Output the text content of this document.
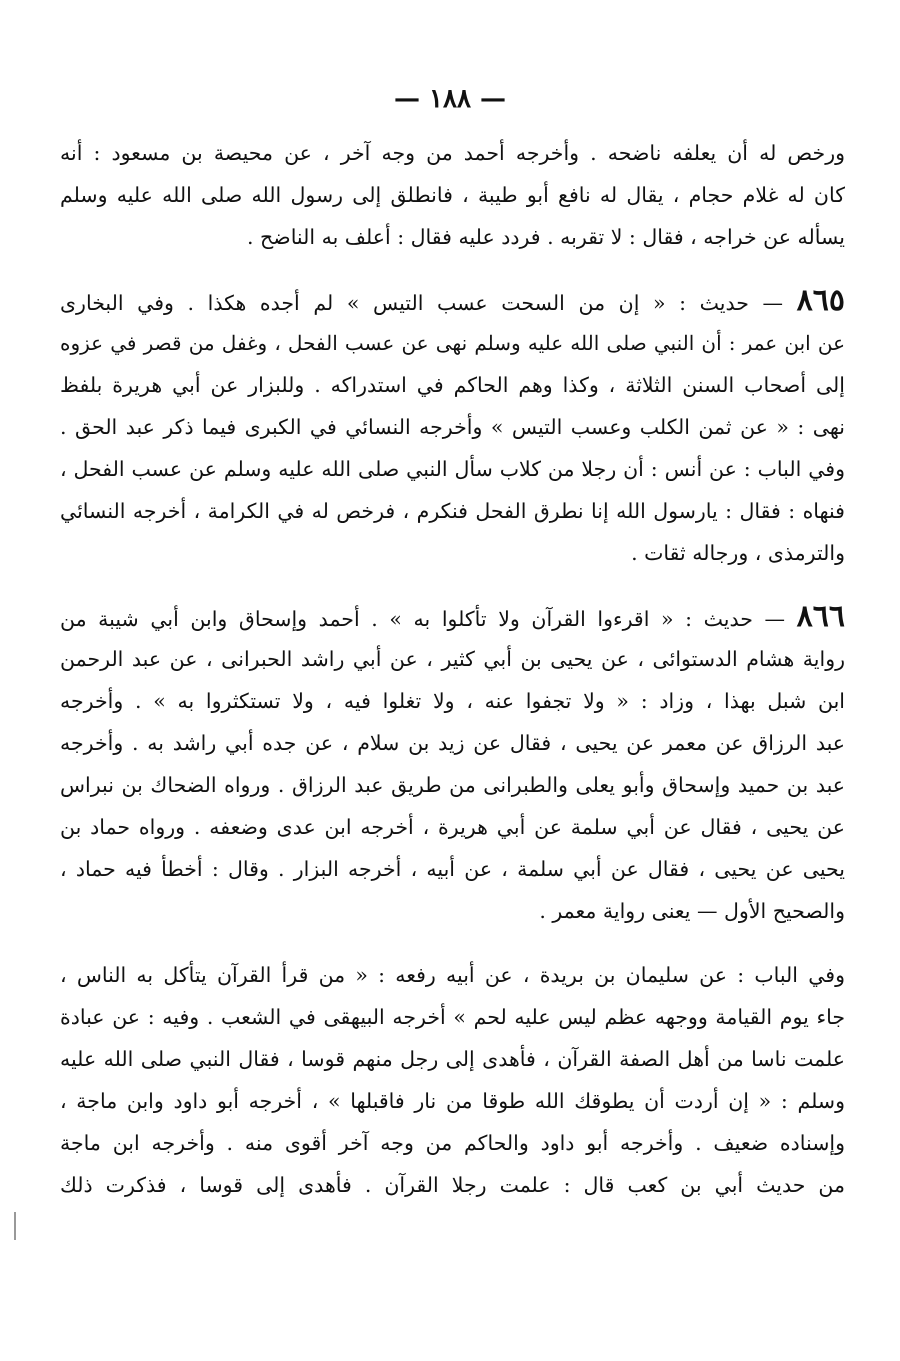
— ١٨٨ —
ورخص له أن يعلفه ناضحه . وأخرجه أحمد من وجه آخر ، عن محيصة بن مسعود : أنه
كان له غلام حجام ، يقال له نافع أبو طيبة ، فانطلق إلى رسول الله صلى الله عليه وسلم
يسأله عن خراجه ، فقال : لا تقربه . فردد عليه فقال : أعلف به الناضح .
٨٦٥ — حديث : « إن من السحت عسب التيس » لم أجده هكذا . وفي البخارى
عن ابن عمر : أن النبي صلى الله عليه وسلم نهى عن عسب الفحل ، وغفل من قصر في عزوه
إلى أصحاب السنن الثلاثة ، وكذا وهم الحاكم في استدراكه . وللبزار عن أبي هريرة بلفظ
نهى : « عن ثمن الكلب وعسب التيس » وأخرجه النسائي في الكبرى فيما ذكر عبد الحق .
وفي الباب : عن أنس : أن رجلا من كلاب سأل النبي صلى الله عليه وسلم عن عسب الفحل ،
فنهاه : فقال : يارسول الله إنا نطرق الفحل فنكرم ، فرخص له في الكرامة ، أخرجه النسائي
والترمذى ، ورجاله ثقات .
٨٦٦ — حديث : « اقرءوا القرآن ولا تأكلوا به » . أحمد وإسحاق وابن أبي شيبة من
رواية هشام الدستوائى ، عن يحيى بن أبي كثير ، عن أبي راشد الحبرانى ، عن عبد الرحمن
ابن شبل بهذا ، وزاد : « ولا تجفوا عنه ، ولا تغلوا فيه ، ولا تستكثروا به » . وأخرجه
عبد الرزاق عن معمر عن يحيى ، فقال عن زيد بن سلام ، عن جده أبي راشد به . وأخرجه
عبد بن حميد وإسحاق وأبو يعلى والطبرانى من طريق عبد الرزاق . ورواه الضحاك بن نبراس
عن يحيى ، فقال عن أبي سلمة عن أبي هريرة ، أخرجه ابن عدى وضعفه . ورواه حماد بن
يحيى عن يحيى ، فقال عن أبي سلمة ، عن أبيه ، أخرجه البزار . وقال : أخطأ فيه حماد ،
والصحيح الأول — يعنى رواية معمر .
وفي الباب : عن سليمان بن بريدة ، عن أبيه رفعه : « من قرأ القرآن يتأكل به الناس ،
جاء يوم القيامة ووجهه عظم ليس عليه لحم » أخرجه البيهقى في الشعب . وفيه : عن عبادة
علمت ناسا من أهل الصفة القرآن ، فأهدى إلى رجل منهم قوسا ، فقال النبي صلى الله عليه
وسلم : « إن أردت أن يطوقك الله طوقا من نار فاقبلها » ، أخرجه أبو داود وابن ماجة ،
وإسناده ضعيف . وأخرجه أبو داود والحاكم من وجه آخر أقوى منه . وأخرجه ابن ماجة
من حديث أبي بن كعب قال : علمت رجلا القرآن . فأهدى إلى قوسا ، فذكرت ذلك
